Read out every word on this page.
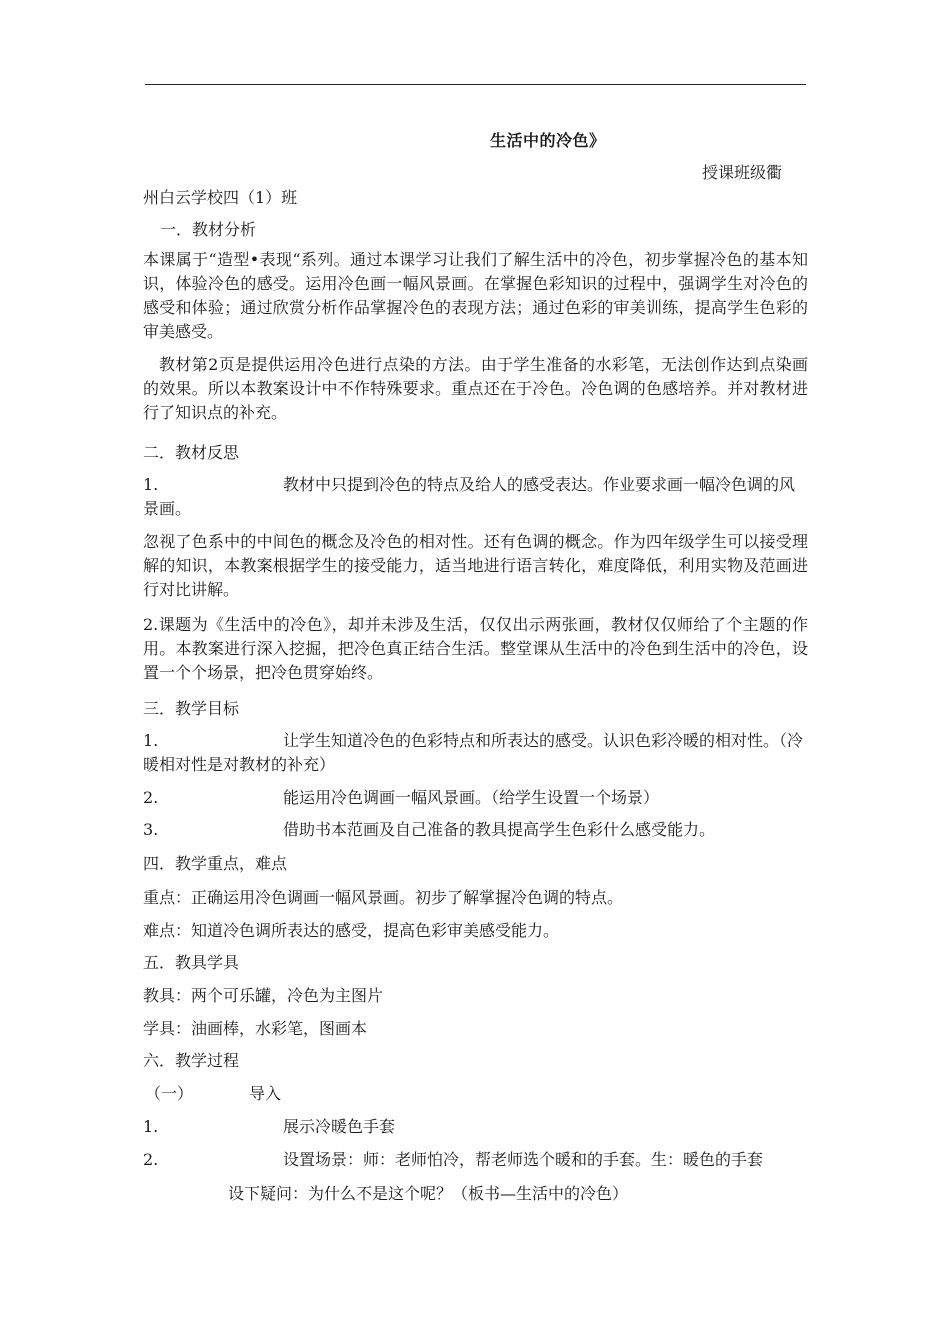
生活中的冷色》
授课班级衢
州白云学校四（1）班
一．教材分析
本课属于“造型•表现“系列。通过本课学习让我们了解生活中的冷色，初步掌握冷色的基本知识，体验冷色的感受。运用冷色画一幅风景画。在掌握色彩知识的过程中，强调学生对冷色的感受和体验；通过欣赏分析作品掌握冷色的表现方法；通过色彩的审美训练，提高学生色彩的审美感受。
教材第2页是提供运用冷色进行点染的方法。由于学生准备的水彩笔，无法创作达到点染画的效果。所以本教案设计中不作特殊要求。重点还在于冷色。冷色调的色感培养。并对教材进行了知识点的补充。
二．教材反思
1.	教材中只提到冷色的特点及给人的感受表达。作业要求画一幅冷色调的风景画。
忽视了色系中的中间色的概念及冷色的相对性。还有色调的概念。作为四年级学生可以接受理解的知识，本教案根据学生的接受能力，适当地进行语言转化，难度降低，利用实物及范画进行对比讲解。
2.课题为《生活中的冷色》，却并未涉及生活，仅仅出示两张画，教材仅仅师给了个主题的作用。本教案进行深入挖掘，把冷色真正结合生活。整堂课从生活中的冷色到生活中的冷色，设置一个个场景，把冷色贯穿始终。
三．教学目标
1.	让学生知道冷色的色彩特点和所表达的感受。认识色彩冷暖的相对性。（冷暖相对性是对教材的补充）
2.	能运用冷色调画一幅风景画。（给学生设置一个场景）
3.	借助书本范画及自己准备的教具提高学生色彩什么感受能力。
四．教学重点，难点
重点：正确运用冷色调画一幅风景画。初步了解掌握冷色调的特点。
难点：知道冷色调所表达的感受，提高色彩审美感受能力。
五．教具学具
教具：两个可乐罐，冷色为主图片
学具：油画棒，水彩笔，图画本
六．教学过程
（一）	导入
1.	展示冷暖色手套
2.	设置场景：师：老师怕冷，帮老师选个暖和的手套。生：暖色的手套
设下疑问：为什么不是这个呢？（板书—生活中的冷色）
